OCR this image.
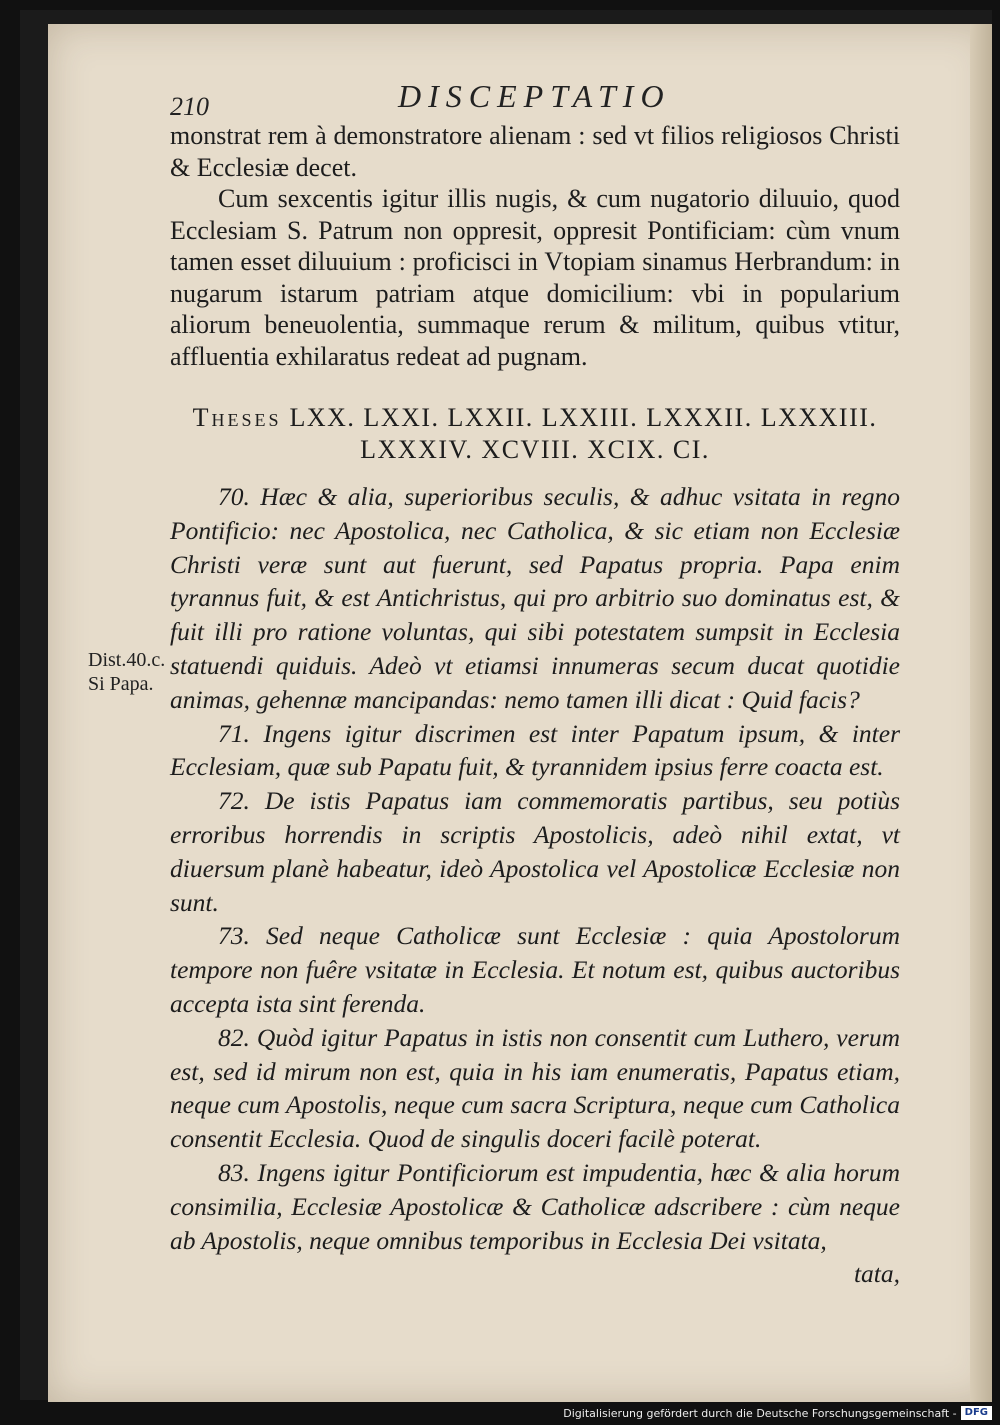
210	DISCEPTATIO
Dist.40.c.
Si Papa.

monstrat rem à demonstratore alienam : sed vt filios religiosos Christi & Ecclesiæ decet.

Cum sexcentis igitur illis nugis, & cum nugatorio diluuio, quod Ecclesiam S. Patrum non oppresit, oppresit Pontificiam: cùm vnum tamen esset diluuium : proficisci in Vtopiam sinamus Herbrandum: in nugarum istarum patriam atque domicilium: vbi in popularium aliorum beneuolentia, summaque rerum & militum, quibus vtitur, affluentia exhilaratus redeat ad pugnam.

Theses LXX. LXXI. LXXII. LXXIII. LXXXII. LXXXIII. LXXXIV. XCVIII. XCIX. CI.

70. Hæc & alia, superioribus seculis, & adhuc vsitata in regno Pontificio: nec Apostolica, nec Catholica, & sic etiam non Ecclesiæ Christi veræ sunt aut fuerunt, sed Papatus propria. Papa enim tyrannus fuit, & est Antichristus, qui pro arbitrio suo dominatus est, & fuit illi pro ratione voluntas, qui sibi potestatem sumpsit in Ecclesia statuendi quiduis. Adeò vt etiamsi innumeras secum ducat quotidie animas, gehennæ mancipandas: nemo tamen illi dicat : Quid facis?

71. Ingens igitur discrimen est inter Papatum ipsum, & inter Ecclesiam, quæ sub Papatu fuit, & tyrannidem ipsius ferre coacta est.

72. De istis Papatus iam commemoratis partibus, seu potiùs erroribus horrendis in scriptis Apostolicis, adeò nihil extat, vt diuersum planè habeatur, ideò Apostolica vel Apostolicæ Ecclesiæ non sunt.

73. Sed neque Catholicæ sunt Ecclesiæ : quia Apostolorum tempore non fuêre vsitatæ in Ecclesia. Et notum est, quibus auctoribus accepta ista sint ferenda.

82. Quòd igitur Papatus in istis non consentit cum Luthero, verum est, sed id mirum non est, quia in his iam enumeratis, Papatus etiam, neque cum Apostolis, neque cum sacra Scriptura, neque cum Catholica consentit Ecclesia. Quod de singulis doceri facilè poterat.

83. Ingens igitur Pontificiorum est impudentia, hæc & alia horum consimilia, Ecclesiæ Apostolicæ & Catholicæ adscribere : cùm neque ab Apostolis, neque omnibus temporibus in Ecclesia Dei vsitata,

tata,

Digitalisierung gefördert durch die Deutsche Forschungsgemeinschaft - DFG
